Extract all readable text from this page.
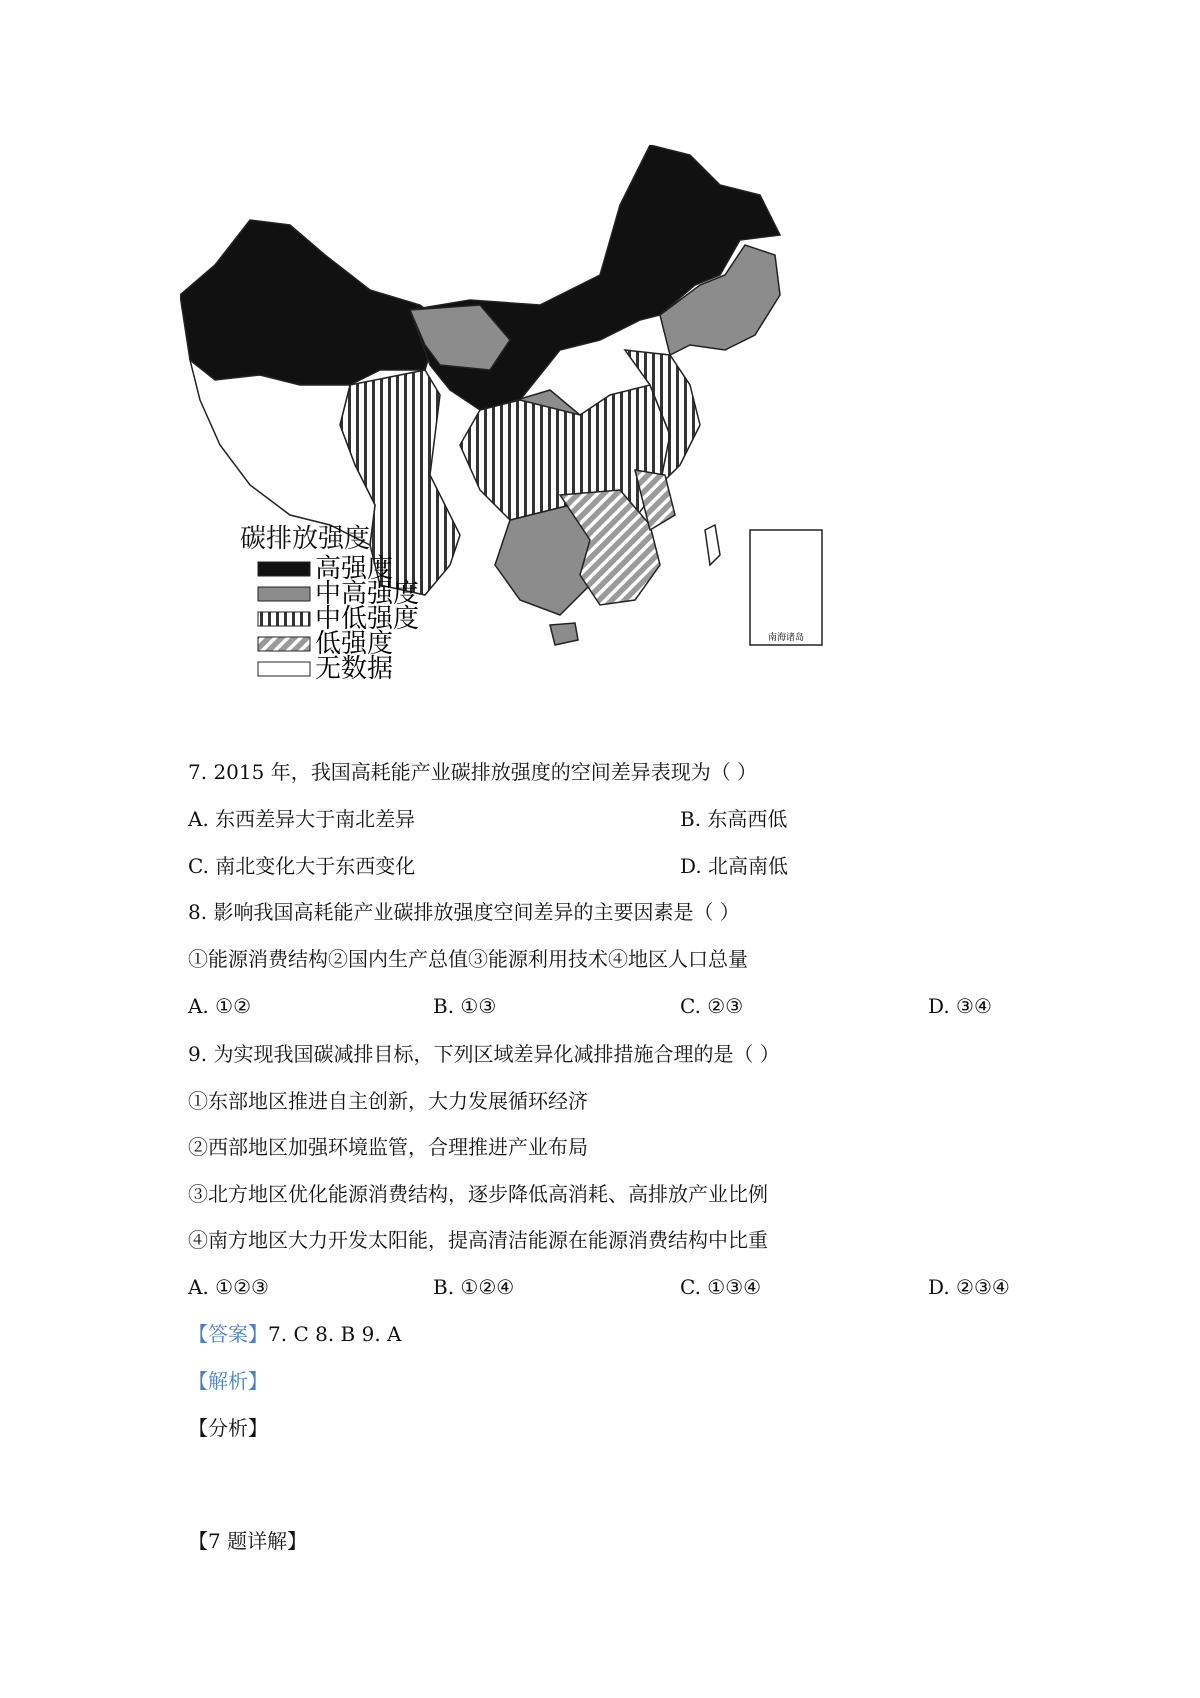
南海诸岛
碳排放强度
高强度
中高强度
中低强度
低强度
无数据
7. 2015 年，我国高耗能产业碳排放强度的空间差异表现为（ ）
A. 东西差异大于南北差异	B. 东高西低
C. 南北变化大于东西变化	D. 北高南低
8. 影响我国高耗能产业碳排放强度空间差异的主要因素是（ ）
①能源消费结构②国内生产总值③能源利用技术④地区人口总量
A. ①②	B. ①③	C. ②③	D. ③④
9. 为实现我国碳减排目标，下列区域差异化减排措施合理的是（ ）
①东部地区推进自主创新，大力发展循环经济
②西部地区加强环境监管，合理推进产业布局
③北方地区优化能源消费结构，逐步降低高消耗、高排放产业比例
④南方地区大力开发太阳能，提高清洁能源在能源消费结构中比重
A. ①②③	B. ①②④	C. ①③④	D. ②③④
【答案】7. C 8. B 9. A
【解析】
【分析】
【7 题详解】
